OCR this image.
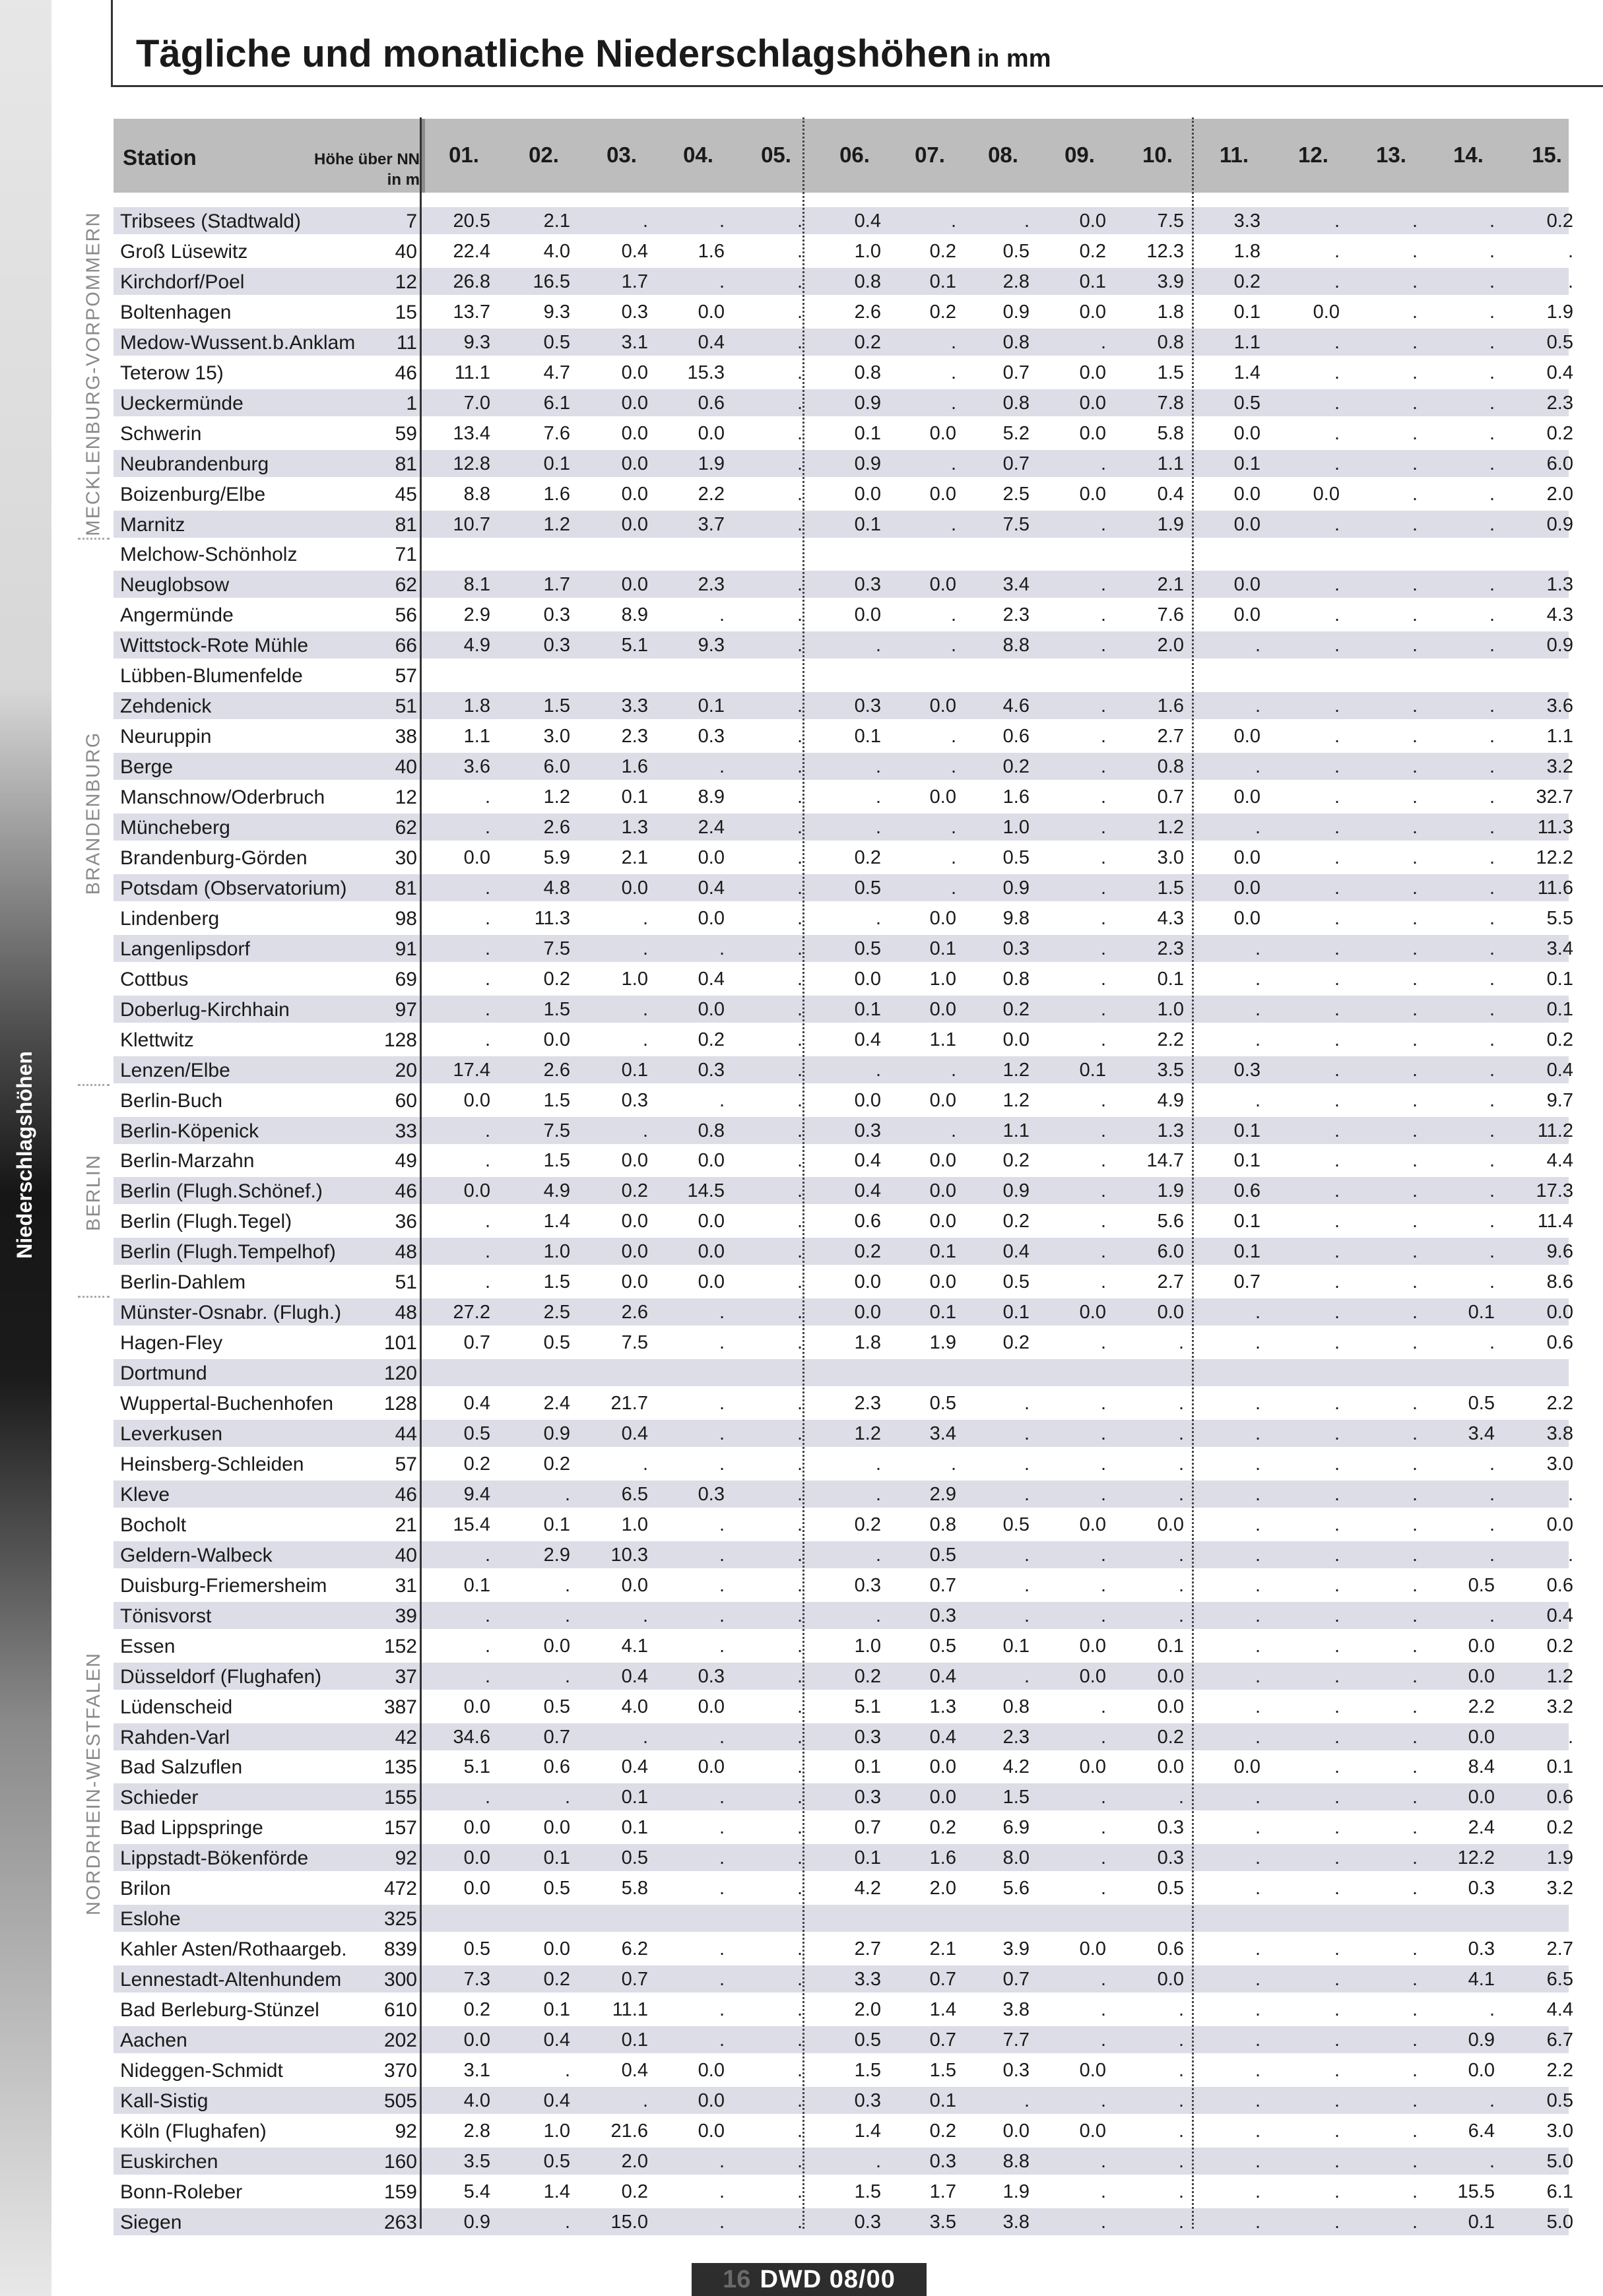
Niederschlagshöhen
Tägliche und monatliche Niederschlagshöhen in mm
Station	Höhe über NN
in m
01.	02.	03.	04.	05.	06.	07.	08.	09.	10.	11.	12.	13.	14.	15.
MECKLENBURG-VORPOMMERN
BRANDENBURG
BERLIN
NORDRHEIN-WESTFALEN
Tribsees (Stadtwald)	7	20.5	2.1	.	.	.	0.4	.	.	0.0	7.5	3.3	.	.	.	0.2
Groß Lüsewitz	40	22.4	4.0	0.4	1.6	.	1.0	0.2	0.5	0.2	12.3	1.8	.	.	.	.
Kirchdorf/Poel	12	26.8	16.5	1.7	.	.	0.8	0.1	2.8	0.1	3.9	0.2	.	.	.	.
Boltenhagen	15	13.7	9.3	0.3	0.0	.	2.6	0.2	0.9	0.0	1.8	0.1	0.0	.	.	1.9
Medow-Wussent.b.Anklam	11	9.3	0.5	3.1	0.4	.	0.2	.	0.8	.	0.8	1.1	.	.	.	0.5
Teterow 15)	46	11.1	4.7	0.0	15.3	.	0.8	.	0.7	0.0	1.5	1.4	.	.	.	0.4
Ueckermünde	1	7.0	6.1	0.0	0.6	.	0.9	.	0.8	0.0	7.8	0.5	.	.	.	2.3
Schwerin	59	13.4	7.6	0.0	0.0	.	0.1	0.0	5.2	0.0	5.8	0.0	.	.	.	0.2
Neubrandenburg	81	12.8	0.1	0.0	1.9	.	0.9	.	0.7	.	1.1	0.1	.	.	.	6.0
Boizenburg/Elbe	45	8.8	1.6	0.0	2.2	.	0.0	0.0	2.5	0.0	0.4	0.0	0.0	.	.	2.0
Marnitz	81	10.7	1.2	0.0	3.7	.	0.1	.	7.5	.	1.9	0.0	.	.	.	0.9
Melchow-Schönholz	71
Neuglobsow	62	8.1	1.7	0.0	2.3	.	0.3	0.0	3.4	.	2.1	0.0	.	.	.	1.3
Angermünde	56	2.9	0.3	8.9	.	.	0.0	.	2.3	.	7.6	0.0	.	.	.	4.3
Wittstock-Rote Mühle	66	4.9	0.3	5.1	9.3	.	.	.	8.8	.	2.0	.	.	.	.	0.9
Lübben-Blumenfelde	57
Zehdenick	51	1.8	1.5	3.3	0.1	.	0.3	0.0	4.6	.	1.6	.	.	.	.	3.6
Neuruppin	38	1.1	3.0	2.3	0.3	.	0.1	.	0.6	.	2.7	0.0	.	.	.	1.1
Berge	40	3.6	6.0	1.6	.	.	.	.	0.2	.	0.8	.	.	.	.	3.2
Manschnow/Oderbruch	12	.	1.2	0.1	8.9	.	.	0.0	1.6	.	0.7	0.0	.	.	.	32.7
Müncheberg	62	.	2.6	1.3	2.4	.	.	.	1.0	.	1.2	.	.	.	.	11.3
Brandenburg-Görden	30	0.0	5.9	2.1	0.0	.	0.2	.	0.5	.	3.0	0.0	.	.	.	12.2
Potsdam (Observatorium)	81	.	4.8	0.0	0.4	.	0.5	.	0.9	.	1.5	0.0	.	.	.	11.6
Lindenberg	98	.	11.3	.	0.0	.	.	0.0	9.8	.	4.3	0.0	.	.	.	5.5
Langenlipsdorf	91	.	7.5	.	.	.	0.5	0.1	0.3	.	2.3	.	.	.	.	3.4
Cottbus	69	.	0.2	1.0	0.4	.	0.0	1.0	0.8	.	0.1	.	.	.	.	0.1
Doberlug-Kirchhain	97	.	1.5	.	0.0	.	0.1	0.0	0.2	.	1.0	.	.	.	.	0.1
Klettwitz	128	.	0.0	.	0.2	.	0.4	1.1	0.0	.	2.2	.	.	.	.	0.2
Lenzen/Elbe	20	17.4	2.6	0.1	0.3	.	.	.	1.2	0.1	3.5	0.3	.	.	.	0.4
Berlin-Buch	60	0.0	1.5	0.3	.	.	0.0	0.0	1.2	.	4.9	.	.	.	.	9.7
Berlin-Köpenick	33	.	7.5	.	0.8	.	0.3	.	1.1	.	1.3	0.1	.	.	.	11.2
Berlin-Marzahn	49	.	1.5	0.0	0.0	.	0.4	0.0	0.2	.	14.7	0.1	.	.	.	4.4
Berlin (Flugh.Schönef.)	46	0.0	4.9	0.2	14.5	.	0.4	0.0	0.9	.	1.9	0.6	.	.	.	17.3
Berlin (Flugh.Tegel)	36	.	1.4	0.0	0.0	.	0.6	0.0	0.2	.	5.6	0.1	.	.	.	11.4
Berlin (Flugh.Tempelhof)	48	.	1.0	0.0	0.0	.	0.2	0.1	0.4	.	6.0	0.1	.	.	.	9.6
Berlin-Dahlem	51	.	1.5	0.0	0.0	.	0.0	0.0	0.5	.	2.7	0.7	.	.	.	8.6
Münster-Osnabr. (Flugh.)	48	27.2	2.5	2.6	.	.	0.0	0.1	0.1	0.0	0.0	.	.	.	0.1	0.0
Hagen-Fley	101	0.7	0.5	7.5	.	.	1.8	1.9	0.2	.	.	.	.	.	.	0.6
Dortmund	120
Wuppertal-Buchenhofen	128	0.4	2.4	21.7	.	.	2.3	0.5	.	.	.	.	.	.	0.5	2.2
Leverkusen	44	0.5	0.9	0.4	.	.	1.2	3.4	.	.	.	.	.	.	3.4	3.8
Heinsberg-Schleiden	57	0.2	0.2	.	.	.	.	.	.	.	.	.	.	.	.	3.0
Kleve	46	9.4	.	6.5	0.3	.	.	2.9	.	.	.	.	.	.	.	.
Bocholt	21	15.4	0.1	1.0	.	.	0.2	0.8	0.5	0.0	0.0	.	.	.	.	0.0
Geldern-Walbeck	40	.	2.9	10.3	.	.	.	0.5	.	.	.	.	.	.	.	.
Duisburg-Friemersheim	31	0.1	.	0.0	.	.	0.3	0.7	.	.	.	.	.	.	0.5	0.6
Tönisvorst	39	.	.	.	.	.	.	0.3	.	.	.	.	.	.	.	0.4
Essen	152	.	0.0	4.1	.	.	1.0	0.5	0.1	0.0	0.1	.	.	.	0.0	0.2
Düsseldorf (Flughafen)	37	.	.	0.4	0.3	.	0.2	0.4	.	0.0	0.0	.	.	.	0.0	1.2
Lüdenscheid	387	0.0	0.5	4.0	0.0	.	5.1	1.3	0.8	.	0.0	.	.	.	2.2	3.2
Rahden-Varl	42	34.6	0.7	.	.	.	0.3	0.4	2.3	.	0.2	.	.	.	0.0	.
Bad Salzuflen	135	5.1	0.6	0.4	0.0	.	0.1	0.0	4.2	0.0	0.0	0.0	.	.	8.4	0.1
Schieder	155	.	.	0.1	.	.	0.3	0.0	1.5	.	.	.	.	.	0.0	0.6
Bad Lippspringe	157	0.0	0.0	0.1	.	.	0.7	0.2	6.9	.	0.3	.	.	.	2.4	0.2
Lippstadt-Bökenförde	92	0.0	0.1	0.5	.	.	0.1	1.6	8.0	.	0.3	.	.	.	12.2	1.9
Brilon	472	0.0	0.5	5.8	.	.	4.2	2.0	5.6	.	0.5	.	.	.	0.3	3.2
Eslohe	325
Kahler Asten/Rothaargeb.	839	0.5	0.0	6.2	.	.	2.7	2.1	3.9	0.0	0.6	.	.	.	0.3	2.7
Lennestadt-Altenhundem	300	7.3	0.2	0.7	.	.	3.3	0.7	0.7	.	0.0	.	.	.	4.1	6.5
Bad Berleburg-Stünzel	610	0.2	0.1	11.1	.	.	2.0	1.4	3.8	.	.	.	.	.	.	4.4
Aachen	202	0.0	0.4	0.1	.	.	0.5	0.7	7.7	.	.	.	.	.	0.9	6.7
Nideggen-Schmidt	370	3.1	.	0.4	0.0	.	1.5	1.5	0.3	0.0	.	.	.	.	0.0	2.2
Kall-Sistig	505	4.0	0.4	.	0.0	.	0.3	0.1	.	.	.	.	.	.	.	0.5
Köln (Flughafen)	92	2.8	1.0	21.6	0.0	.	1.4	0.2	0.0	0.0	.	.	.	.	6.4	3.0
Euskirchen	160	3.5	0.5	2.0	.	.	.	0.3	8.8	.	.	.	.	.	.	5.0
Bonn-Roleber	159	5.4	1.4	0.2	.	.	1.5	1.7	1.9	.	.	.	.	.	15.5	6.1
Siegen	263	0.9	.	15.0	.	.	0.3	3.5	3.8	.	.	.	.	.	0.1	5.0
16 DWD 08/00
